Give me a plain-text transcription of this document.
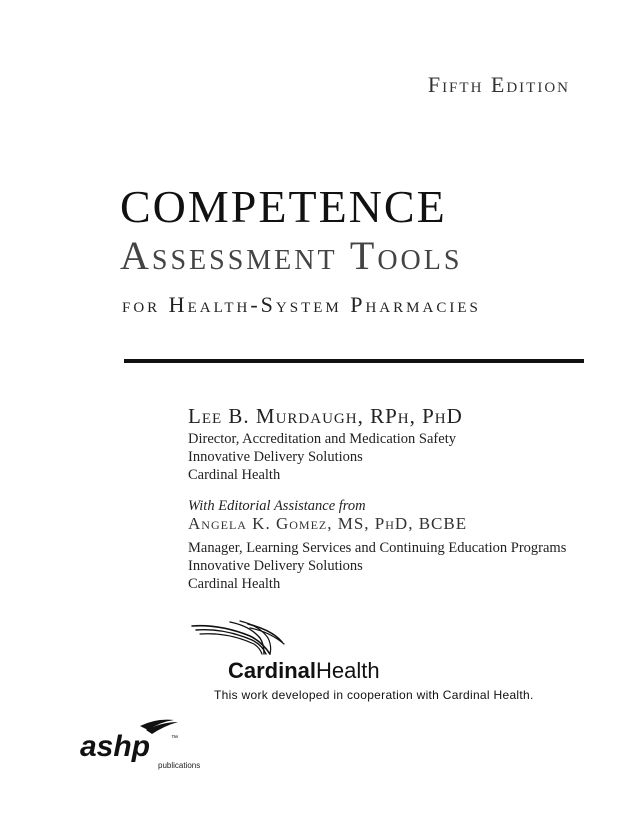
Fifth Edition
COMPETENCE
Assessment Tools
for Health-System Pharmacies
Lee B. Murdaugh, RPh, PhD
Director, Accreditation and Medication Safety
Innovative Delivery Solutions
Cardinal Health
With Editorial Assistance from
Angela K. Gomez, MS, PhD, BCBE
Manager, Learning Services and Continuing Education Programs
Innovative Delivery Solutions
Cardinal Health
CardinalHealth
This work developed in cooperation with Cardinal Health.
ashp	™
publications
